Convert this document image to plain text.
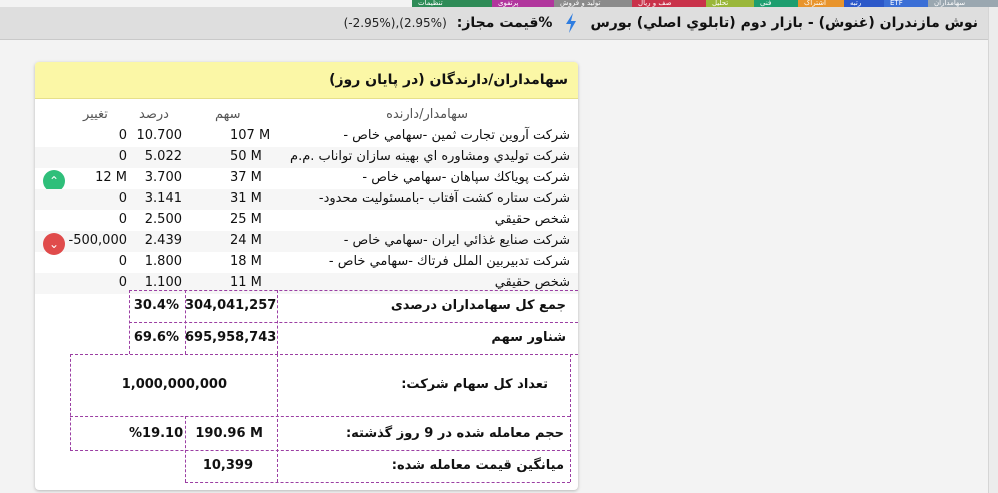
سهامداران
ETF
رتبه
اشتراک
فنی
تحلیل
صف و ریال
تولید و فروش
پرتفوی
تنظیمات
نوش مازندران (غنوش) - بازار دوم (تابلوي اصلي) بورس
%قیمت مجاز:
(2.95%),(2.95%-)
سهامداران/دارندگان (در پایان روز)
سهامدار/دارنده
سهم
درصد
تغییر
شركت آروين تجارت ثمين -سهامي خاص -
107 M
10.700
0
شركت توليدي ومشاوره اي بهينه سازان تواناب .م.م
50 M
5.022
0
شركت پوياكك سپاهان -سهامي خاص -
37 M
3.700
12 M
⌃
شركت ستاره كشت آفتاب -بامسئوليت محدود-
31 M
3.141
0
شخص حقيقي
25 M
2.500
0
شركت صنايع غذائي ايران -سهامي خاص -
24 M
2.439
-500,000
⌄
شركت تدبيربين الملل فرتاك -سهامي خاص -
18 M
1.800
0
شخص حقيقي
11 M
1.100
0
جمع کل سهامداران درصدی
304,041,257
30.4%
شناور سهم
695,958,743
69.6%
تعداد کل سهام شرکت:
1,000,000,000
حجم معامله شده در 9 روز گذشته:
190.96 M
%19.10
میانگین قیمت معامله شده:
10,399
